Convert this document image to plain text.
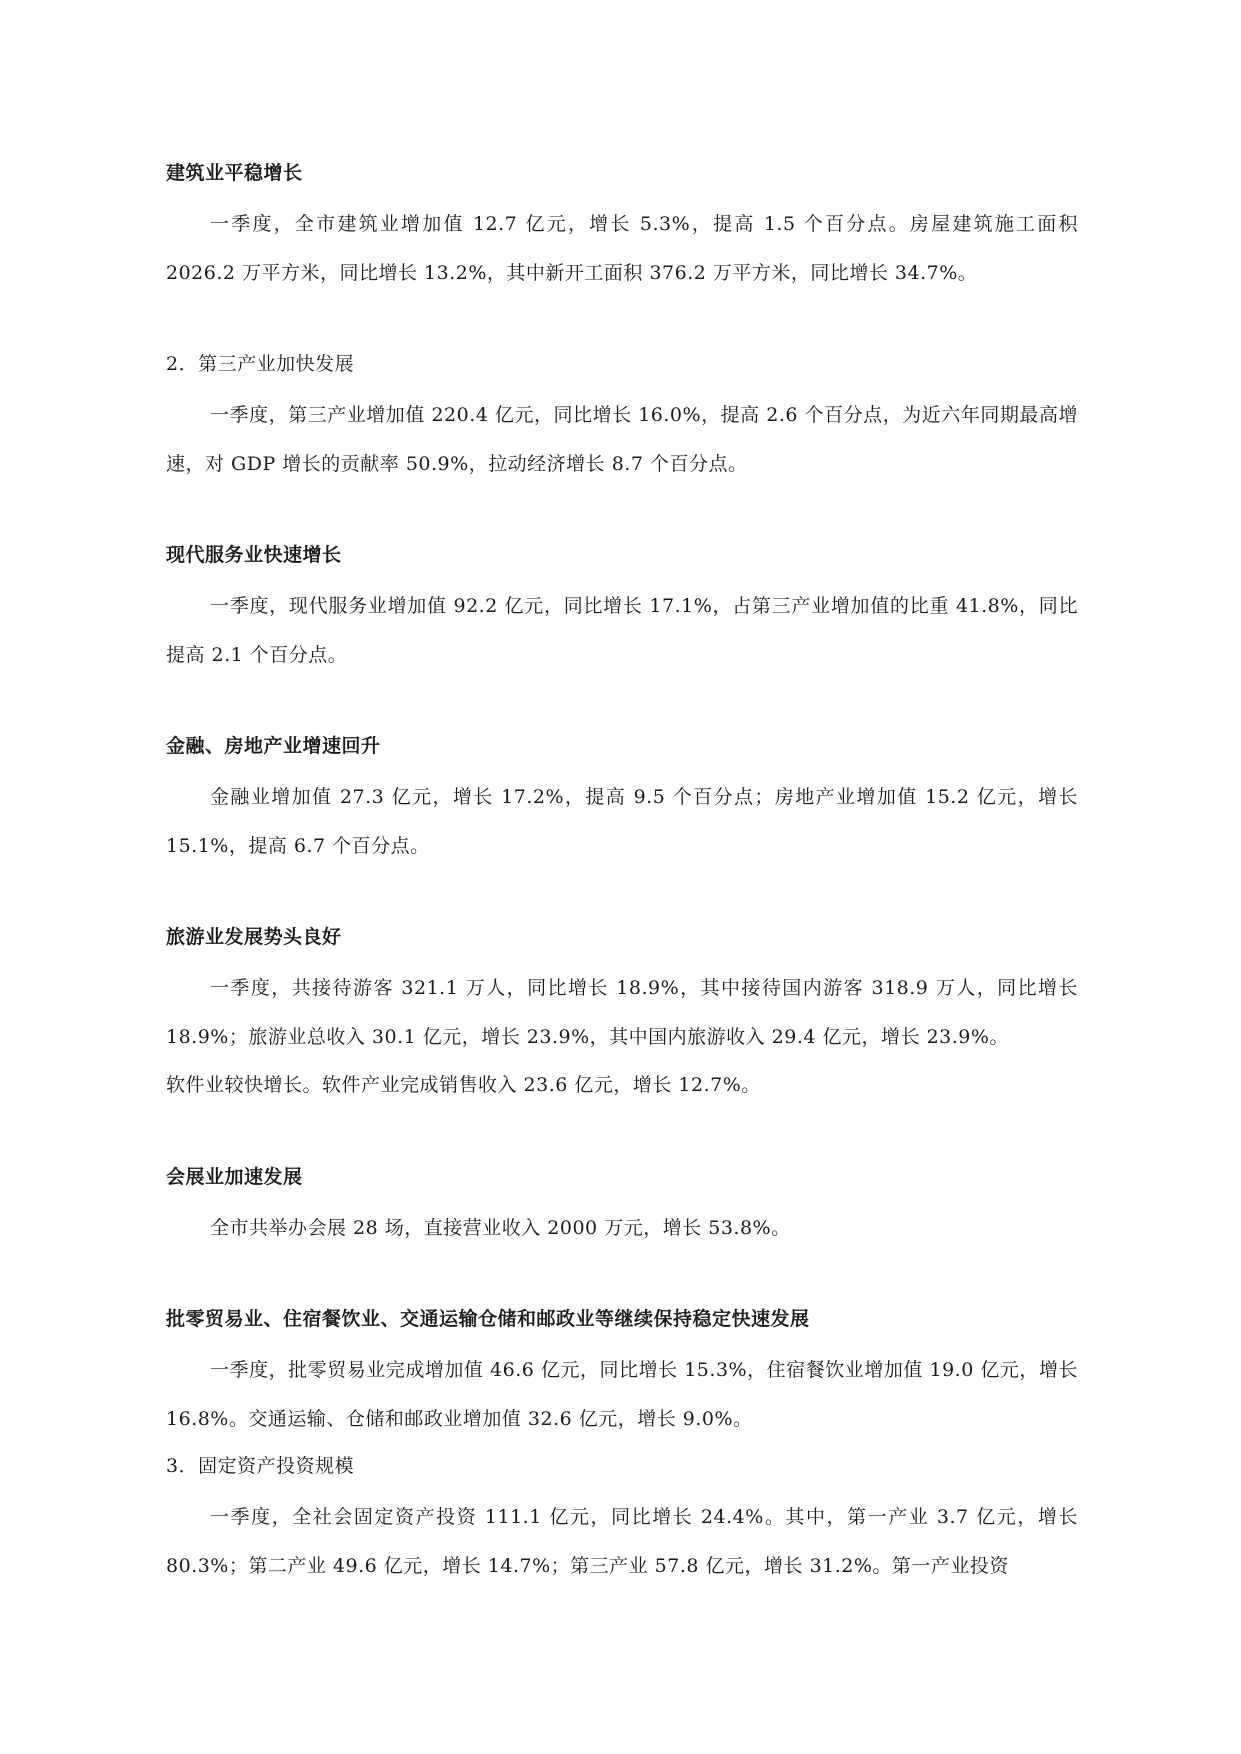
建筑业平稳增长

一季度，全市建筑业增加值 12.7 亿元，增长 5.3%，提高 1.5 个百分点。房屋建筑施工面积 2026.2 万平方米，同比增长 13.2%，其中新开工面积 376.2 万平方米，同比增长 34.7%。

2．第三产业加快发展

一季度，第三产业增加值 220.4 亿元，同比增长 16.0%，提高 2.6 个百分点，为近六年同期最高增速，对 GDP 增长的贡献率 50.9%，拉动经济增长 8.7 个百分点。

现代服务业快速增长

一季度，现代服务业增加值 92.2 亿元，同比增长 17.1%，占第三产业增加值的比重 41.8%，同比提高 2.1 个百分点。

金融、房地产业增速回升

金融业增加值 27.3 亿元，增长 17.2%，提高 9.5 个百分点；房地产业增加值 15.2 亿元，增长 15.1%，提高 6.7 个百分点。

旅游业发展势头良好

一季度，共接待游客 321.1 万人，同比增长 18.9%，其中接待国内游客 318.9 万人，同比增长 18.9%；旅游业总收入 30.1 亿元，增长 23.9%，其中国内旅游收入 29.4 亿元，增长 23.9%。

软件业较快增长。软件产业完成销售收入 23.6 亿元，增长 12.7%。

会展业加速发展

全市共举办会展 28 场，直接营业收入 2000 万元，增长 53.8%。

批零贸易业、住宿餐饮业、交通运输仓储和邮政业等继续保持稳定快速发展

一季度，批零贸易业完成增加值 46.6 亿元，同比增长 15.3%，住宿餐饮业增加值 19.0 亿元，增长 16.8%。交通运输、仓储和邮政业增加值 32.6 亿元，增长 9.0%。

3．固定资产投资规模

一季度，全社会固定资产投资 111.1 亿元，同比增长 24.4%。其中，第一产业 3.7 亿元，增长 80.3%；第二产业 49.6 亿元，增长 14.7%；第三产业 57.8 亿元，增长 31.2%。第一产业投资
